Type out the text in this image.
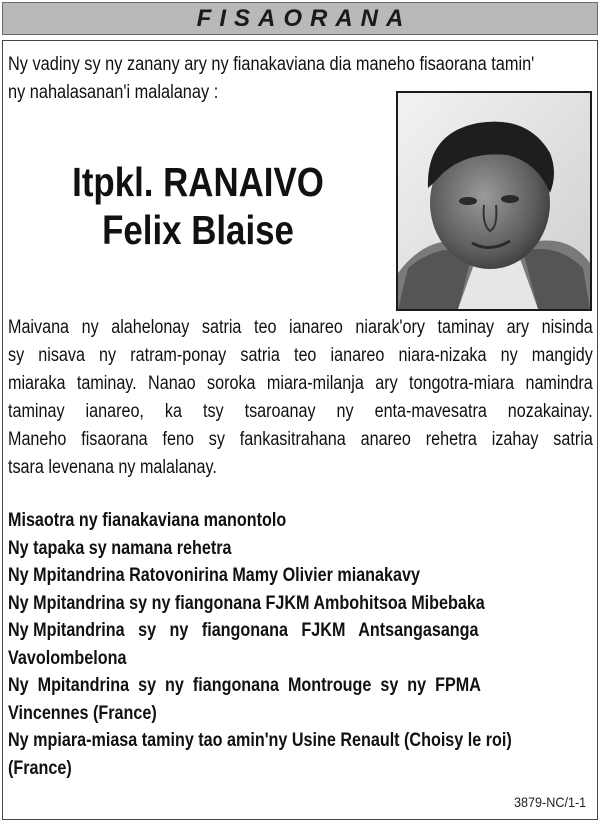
FISAORANA
Ny vadiny sy ny zanany ary ny fianakaviana dia maneho fisaorana tamin'
ny nahalasanan'i malalanay :
Itpkl. RANAIVO
Felix Blaise
Maivana ny alahelonay satria teo ianareo niarak'ory taminay ary nisinda
sy nisava ny ratram-ponay satria teo ianareo niara-nizaka ny mangidy
miaraka taminay. Nanao soroka miara-milanja ary tongotra-miara namindra
taminay ianareo, ka tsy tsaroanay ny enta-mavesatra nozakainay.
Maneho fisaorana feno sy fankasitrahana anareo rehetra izahay satria
tsara levenana ny malalanay.
Misaotra ny fianakaviana manontolo
Ny tapaka sy namana rehetra
Ny Mpitandrina Ratovonirina Mamy Olivier mianakavy
Ny Mpitandrina sy ny fiangonana FJKM Ambohitsoa Mibebaka
Ny Mpitandrina   sy   ny   fiangonana   FJKM   Antsangasanga
Vavolombelona
Ny  Mpitandrina  sy  ny  fiangonana  Montrouge  sy  ny  FPMA
Vincennes (France)
Ny mpiara-miasa taminy tao amin'ny Usine Renault (Choisy le roi)
(France)
3879-NC/1-1
